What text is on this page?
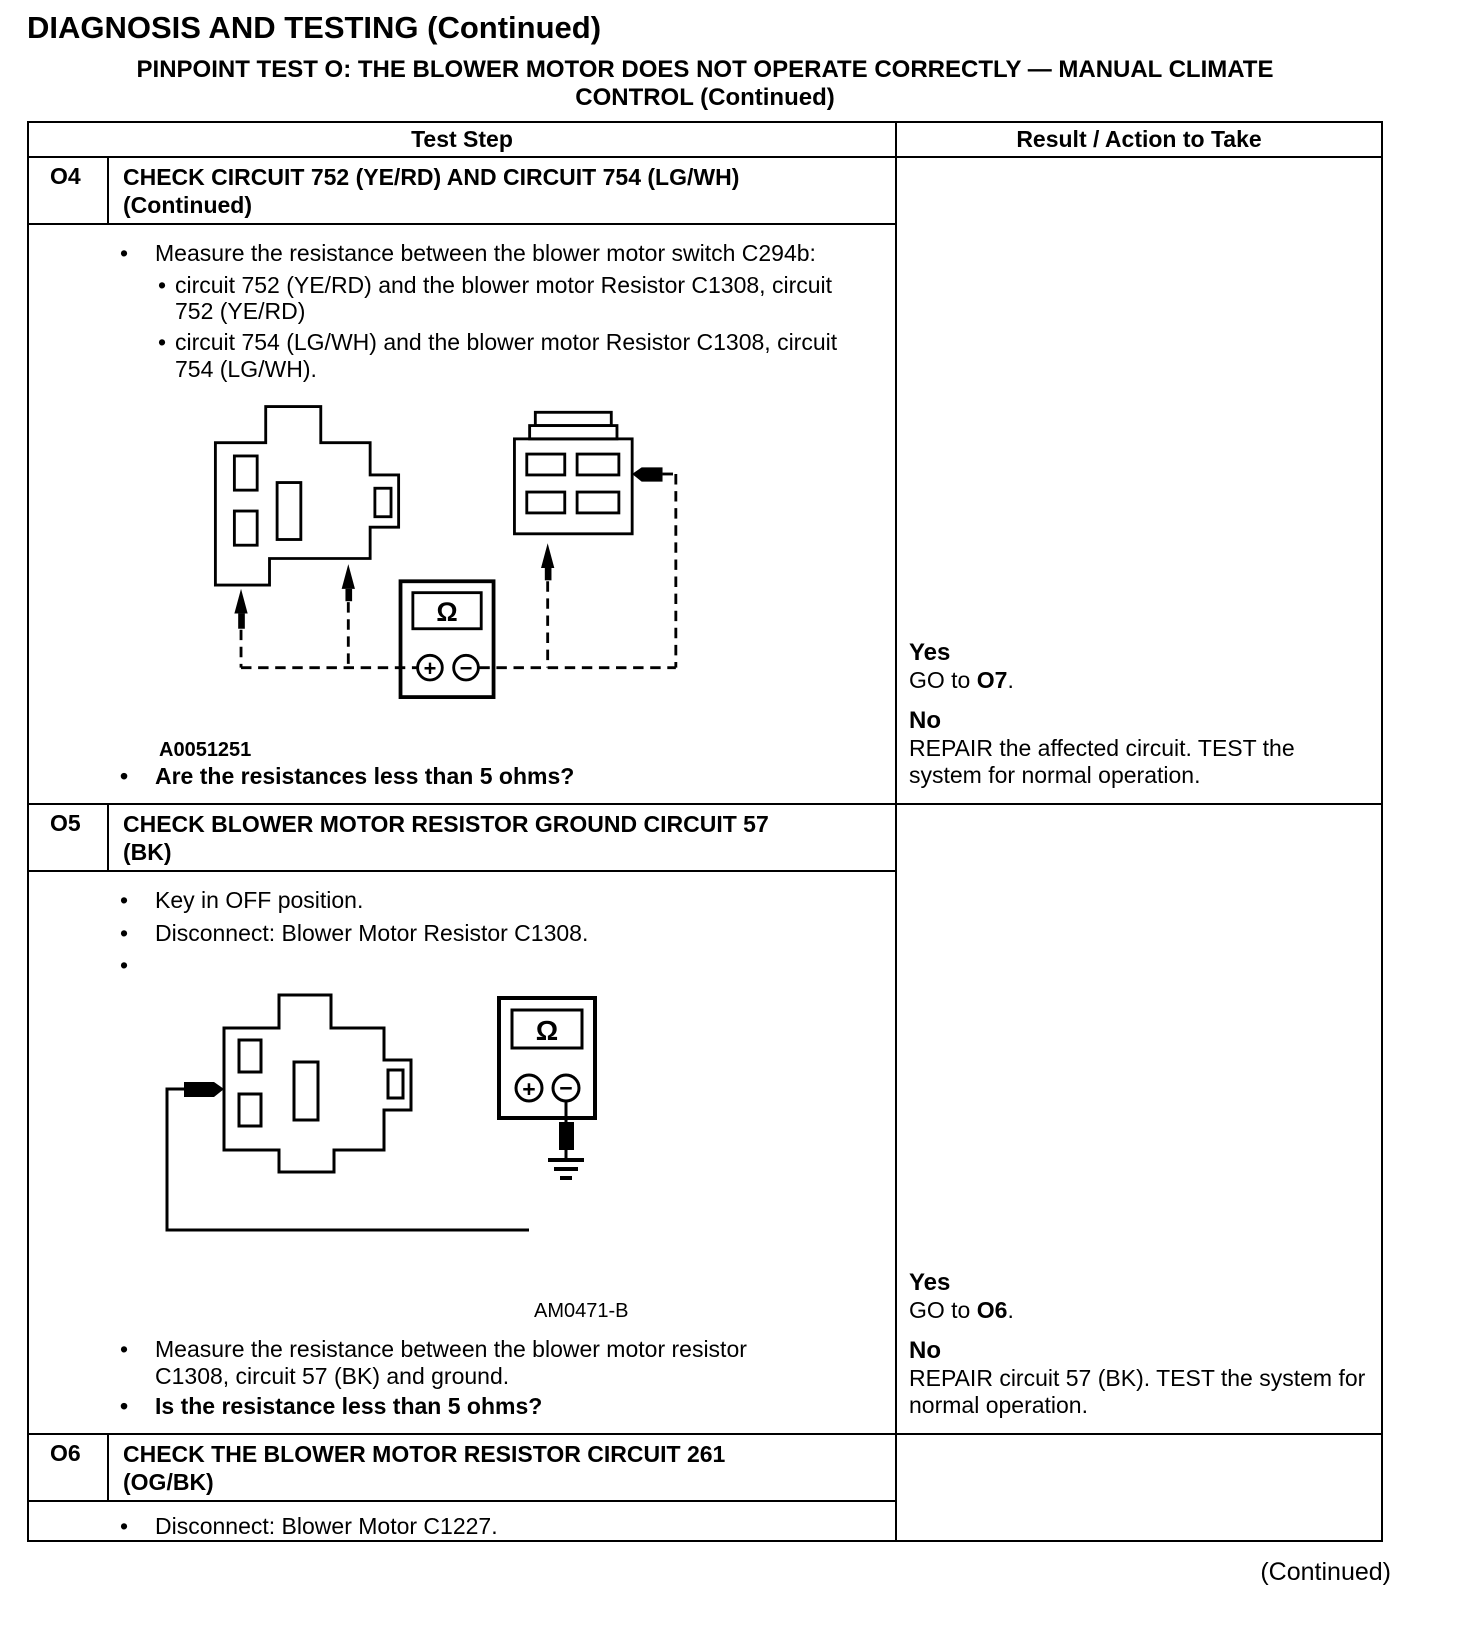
DIAGNOSIS AND TESTING (Continued)
PINPOINT TEST O: THE BLOWER MOTOR DOES NOT OPERATE CORRECTLY — MANUAL CLIMATE
CONTROL (Continued)
Test Step	Result / Action to Take
O4	CHECK CIRCUIT 752 (YE/RD) AND CIRCUIT 754 (LG/WH)
(Continued)
•
Measure the resistance between the blower motor switch C294b:
•
circuit 752 (YE/RD) and the blower motor Resistor C1308, circuit 752 (YE/RD)
•
circuit 754 (LG/WH) and the blower motor Resistor C1308, circuit 754 (LG/WH).
Ω
+ −
A0051251
•
Are the resistances less than 5 ohms?
Yes
GO to O7.
No
REPAIR the affected circuit. TEST the system for normal operation.
O5	CHECK BLOWER MOTOR RESISTOR GROUND CIRCUIT 57
(BK)
•
Key in OFF position.
•
Disconnect: Blower Motor Resistor C1308.
•
Ω
+ −
AM0471-B
•
Measure the resistance between the blower motor resistor C1308, circuit 57 (BK) and ground.
•
Is the resistance less than 5 ohms?
Yes
GO to O6.
No
REPAIR circuit 57 (BK). TEST the system for normal operation.
O6	CHECK THE BLOWER MOTOR RESISTOR CIRCUIT 261
(OG/BK)
•
Disconnect: Blower Motor C1227.
(Continued)
